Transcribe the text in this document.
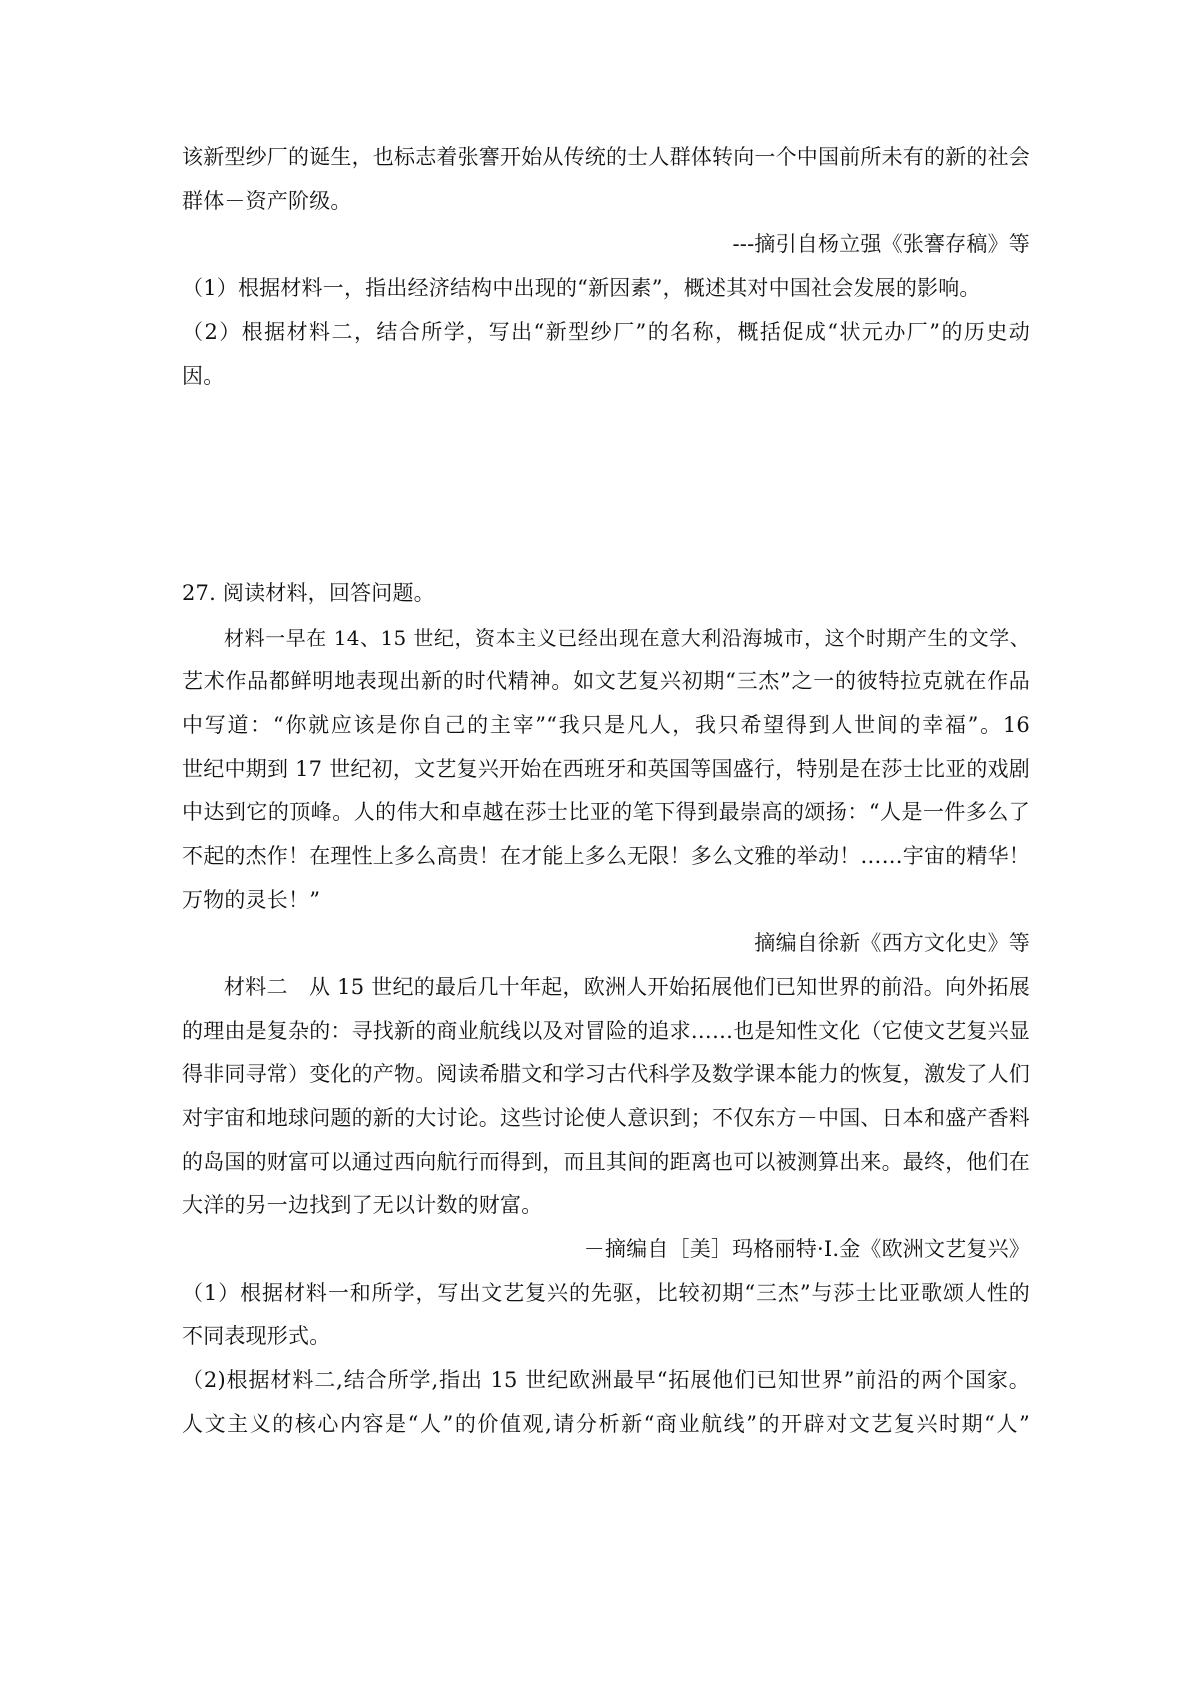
该新型纱厂的诞生，也标志着张謇开始从传统的士人群体转向一个中国前所未有的新的社会
群体－资产阶级。
---摘引自杨立强《张謇存稿》等
（1）根据材料一，指出经济结构中出现的“新因素”，概述其对中国社会发展的影响。
（2）根据材料二，结合所学，写出“新型纱厂”的名称，概括促成“状元办厂”的历史动
因。
27. 阅读材料，回答问题。
材料一早在 14、15 世纪，资本主义已经出现在意大利沿海城市，这个时期产生的文学、
艺术作品都鲜明地表现出新的时代精神。如文艺复兴初期“三杰”之一的彼特拉克就在作品
中写道：“你就应该是你自己的主宰”“我只是凡人，我只希望得到人世间的幸福”。16
世纪中期到 17 世纪初，文艺复兴开始在西班牙和英国等国盛行，特别是在莎士比亚的戏剧
中达到它的顶峰。人的伟大和卓越在莎士比亚的笔下得到最崇高的颂扬：“人是一件多么了
不起的杰作！在理性上多么高贵！在才能上多么无限！多么文雅的举动！……宇宙的精华！
万物的灵长！”
摘编自徐新《西方文化史》等
材料二　从 15 世纪的最后几十年起，欧洲人开始拓展他们已知世界的前沿。向外拓展
的理由是复杂的：寻找新的商业航线以及对冒险的追求……也是知性文化（它使文艺复兴显
得非同寻常）变化的产物。阅读希腊文和学习古代科学及数学课本能力的恢复，激发了人们
对宇宙和地球问题的新的大讨论。这些讨论使人意识到；不仅东方－中国、日本和盛产香料
的岛国的财富可以通过西向航行而得到，而且其间的距离也可以被测算出来。最终，他们在
大洋的另一边找到了无以计数的财富。
－摘编自［美］玛格丽特·I.金《欧洲文艺复兴》
（1）根据材料一和所学，写出文艺复兴的先驱，比较初期“三杰”与莎士比亚歌颂人性的
不同表现形式。
（2)根据材料二,结合所学,指出 15 世纪欧洲最早“拓展他们已知世界”前沿的两个国家。
人文主义的核心内容是“人”的价值观,请分析新“商业航线”的开辟对文艺复兴时期“人”
